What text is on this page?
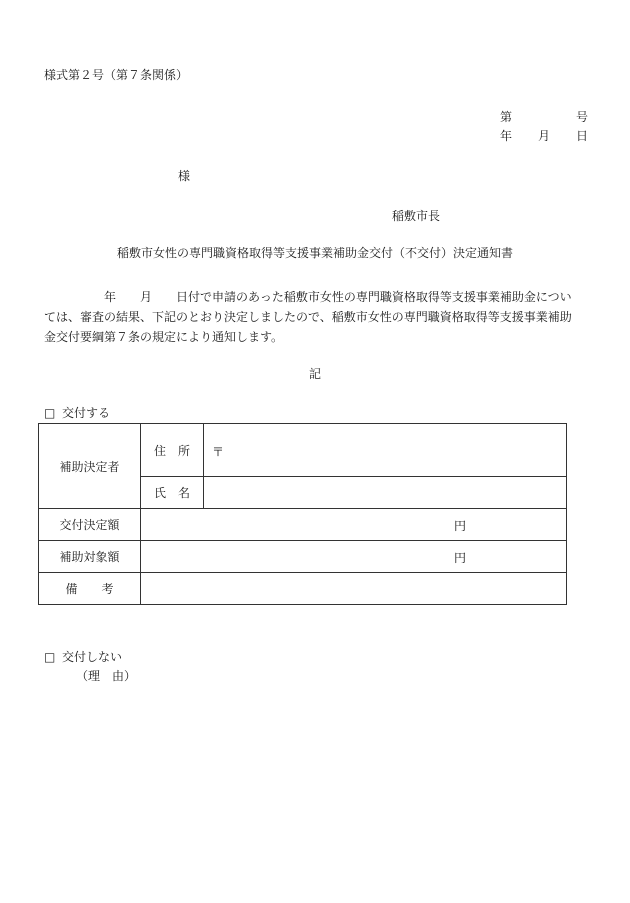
様式第２号（第７条関係）
第	号
年 月 日
様
稲敷市長
稲敷市女性の専門職資格取得等支援事業補助金交付（不交付）決定通知書
　　　　　年　　月　　日付で申請のあった稲敷市女性の専門職資格取得等支援事業補助金につい
ては、審査の結果、下記のとおり決定しましたので、稲敷市女性の専門職資格取得等支援事業補助
金交付要綱第７条の規定により通知します。
記
□ 交付する
補助決定者	住　所	〒

	氏　名	
交付決定額	円	

補助対象額	円	

備　　考		
□ 交付しない
（理　由）
